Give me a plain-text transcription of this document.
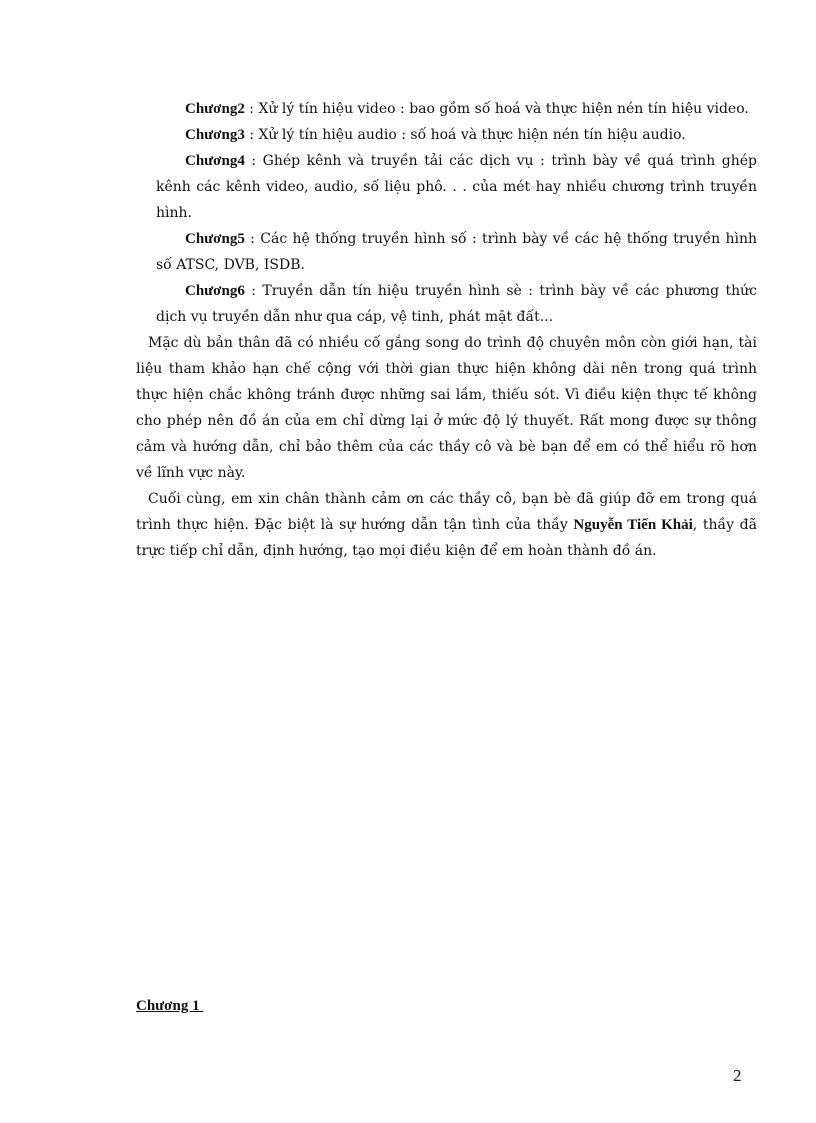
Chương2 : Xử lý tín hiệu video : bao gồm số hoá và thực hiện nén tín hiệu video.

Chương3 : Xử lý tín hiệu audio : số hoá và thực hiện nén tín hiệu audio.

Chương4 : Ghép kênh và truyền tải các dịch vụ : trình bày về quá trình ghép kênh các kênh video, audio, số liệu phô. . . của mét hay nhiều chương trình truyền hình.

Chương5 : Các hệ thống truyền hình số : trình bày về các hệ thống truyền hình số ATSC, DVB, ISDB.

Chương6 : Truyền dẫn tín hiệu truyền hình sè : trình bày về các phương thức dịch vụ truyền dẫn như qua cáp, vệ tinh, phát mặt đất...

Mặc dù bản thân đã có nhiều cố gắng song do trình độ chuyên môn còn giới hạn, tài liệu tham khảo hạn chế cộng với thời gian thực hiện không dài nên trong quá trình thực hiện chắc không tránh được những sai lầm, thiếu sót. Vì điều kiện thực tế không cho phép nên đồ án của em chỉ dừng lại ở mức độ lý thuyết. Rất mong được sự thông cảm và hướng dẫn, chỉ bảo thêm của các thầy cô và bè bạn để em có thể hiểu rõ hơn về lĩnh vực này.

Cuối cùng, em xin chân thành cảm ơn các thầy cô, bạn bè đã giúp đỡ em trong quá trình thực hiện. Đặc biệt là sự hướng dẫn tận tình của thầy Nguyễn Tiến Khải, thầy đã trực tiếp chỉ dẫn, định hướng, tạo mọi điều kiện để em hoàn thành đồ án.

Chương 1

2
